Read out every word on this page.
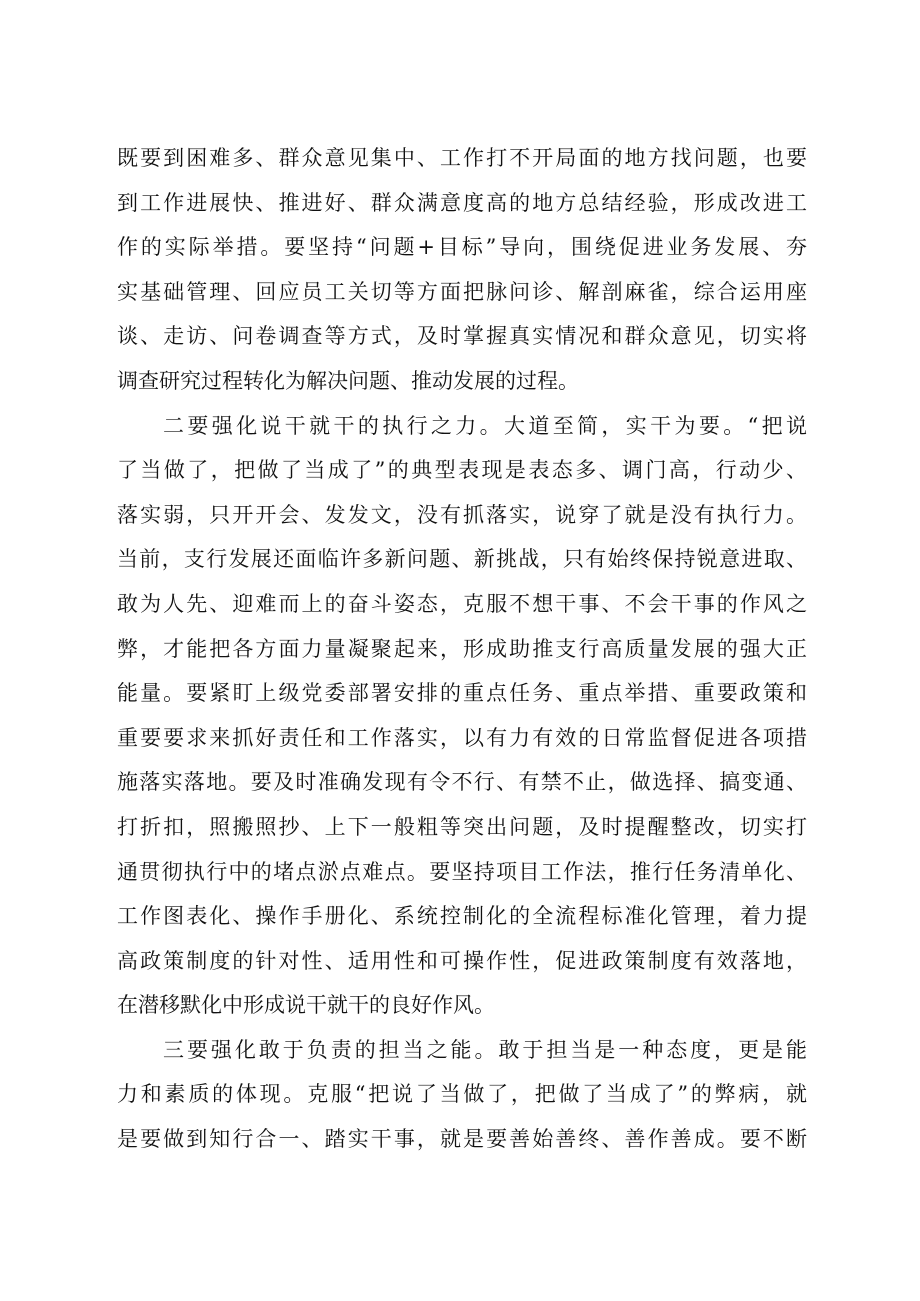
既要到困难多、群众意见集中、工作打不开局面的地方找问题，也要
到工作进展快、推进好、群众满意度高的地方总结经验，形成改进工
作的实际举措。要坚持“问题+目标”导向，围绕促进业务发展、夯
实基础管理、回应员工关切等方面把脉问诊、解剖麻雀，综合运用座
谈、走访、问卷调查等方式，及时掌握真实情况和群众意见，切实将
调查研究过程转化为解决问题、推动发展的过程。
二要强化说干就干的执行之力。大道至简，实干为要。“把说
了当做了，把做了当成了”的典型表现是表态多、调门高，行动少、
落实弱，只开开会、发发文，没有抓落实，说穿了就是没有执行力。
当前，支行发展还面临许多新问题、新挑战，只有始终保持锐意进取、
敢为人先、迎难而上的奋斗姿态，克服不想干事、不会干事的作风之
弊，才能把各方面力量凝聚起来，形成助推支行高质量发展的强大正
能量。要紧盯上级党委部署安排的重点任务、重点举措、重要政策和
重要要求来抓好责任和工作落实，以有力有效的日常监督促进各项措
施落实落地。要及时准确发现有令不行、有禁不止，做选择、搞变通、
打折扣，照搬照抄、上下一般粗等突出问题，及时提醒整改，切实打
通贯彻执行中的堵点淤点难点。要坚持项目工作法，推行任务清单化、
工作图表化、操作手册化、系统控制化的全流程标准化管理，着力提
高政策制度的针对性、适用性和可操作性，促进政策制度有效落地，
在潜移默化中形成说干就干的良好作风。
三要强化敢于负责的担当之能。敢于担当是一种态度，更是能
力和素质的体现。克服“把说了当做了，把做了当成了”的弊病，就
是要做到知行合一、踏实干事，就是要善始善终、善作善成。要不断
